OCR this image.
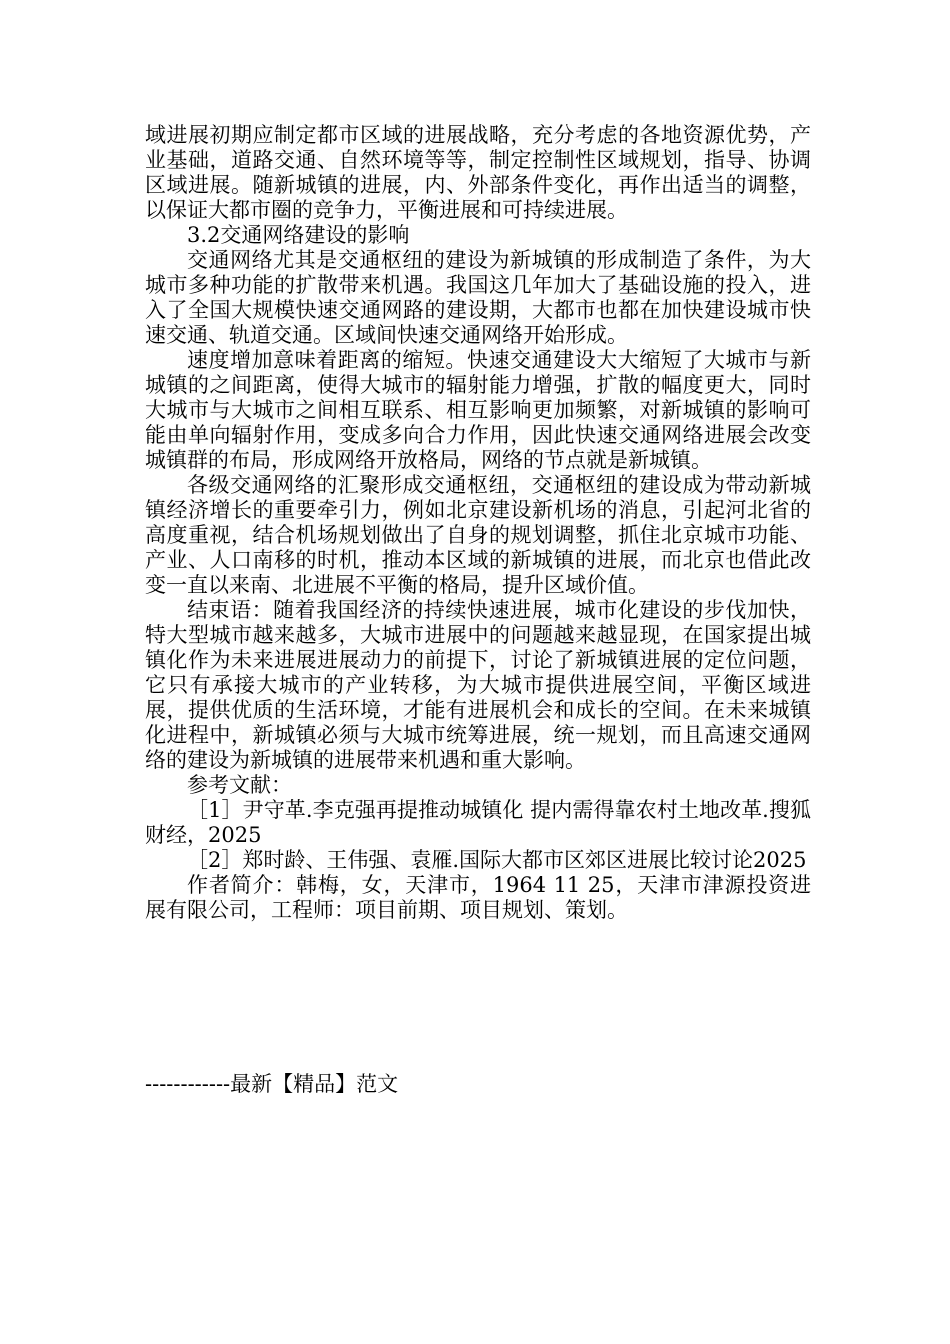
域进展初期应制定都市区域的进展战略，充分考虑的各地资源优势，产业基础，道路交通、自然环境等等，制定控制性区域规划，指导、协调区域进展。随新城镇的进展，内、外部条件变化，再作出适当的调整，以保证大都市圈的竞争力，平衡进展和可持续进展。

3.2交通网络建设的影响

交通网络尤其是交通枢纽的建设为新城镇的形成制造了条件，为大城市多种功能的扩散带来机遇。我国这几年加大了基础设施的投入，进入了全国大规模快速交通网路的建设期，大都市也都在加快建设城市快速交通、轨道交通。区域间快速交通网络开始形成。

速度增加意味着距离的缩短。快速交通建设大大缩短了大城市与新城镇的之间距离，使得大城市的辐射能力增强，扩散的幅度更大，同时大城市与大城市之间相互联系、相互影响更加频繁，对新城镇的影响可能由单向辐射作用，变成多向合力作用，因此快速交通网络进展会改变城镇群的布局，形成网络开放格局，网络的节点就是新城镇。

各级交通网络的汇聚形成交通枢纽，交通枢纽的建设成为带动新城镇经济增长的重要牵引力，例如北京建设新机场的消息，引起河北省的高度重视，结合机场规划做出了自身的规划调整，抓住北京城市功能、产业、人口南移的时机，推动本区域的新城镇的进展，而北京也借此改变一直以来南、北进展不平衡的格局，提升区域价值。

结束语：随着我国经济的持续快速进展，城市化建设的步伐加快，特大型城市越来越多，大城市进展中的问题越来越显现，在国家提出城镇化作为未来进展进展动力的前提下，讨论了新城镇进展的定位问题，它只有承接大城市的产业转移，为大城市提供进展空间，平衡区域进展，提供优质的生活环境，才能有进展机会和成长的空间。在未来城镇化进程中，新城镇必须与大城市统筹进展，统一规划，而且高速交通网络的建设为新城镇的进展带来机遇和重大影响。

参考文献：

［1］尹守革.李克强再提推动城镇化 提内需得靠农村土地改革.搜狐财经，2025

［2］郑时龄、王伟强、袁雁.国际大都市区郊区进展比较讨论2025

作者简介：韩梅，女，天津市，1964 11 25，天津市津源投资进展有限公司，工程师：项目前期、项目规划、策划。

------------最新【精品】范文
